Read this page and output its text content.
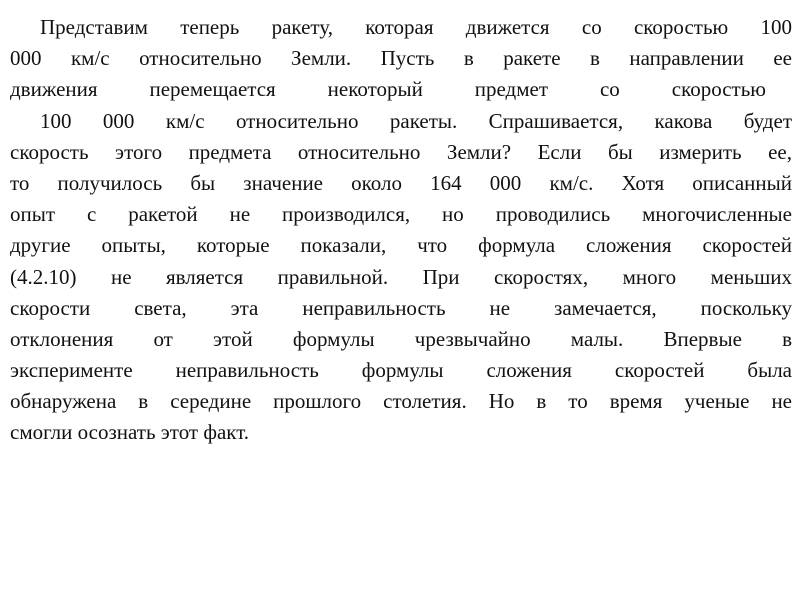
Представим теперь ракету, которая движется со скоростью 100
000 км/с относительно Земли. Пусть в ракете в направлении ее
движения перемещается некоторый предмет со скоростью
100 000 км/с относительно ракеты. Спрашивается, какова будет
скорость этого предмета относительно Земли? Если бы измерить ее,
то получилось бы значение около 164 000 км/с. Хотя описанный
опыт с ракетой не производился, но проводились многочисленные
другие опыты, которые показали, что формула сложения скоростей
(4.2.10) не является правильной. При скоростях, много меньших
скорости света, эта неправильность не замечается, поскольку
отклонения от этой формулы чрезвычайно малы. Впервые в
эксперименте неправильность формулы сложения скоростей была
обнаружена в середине прошлого столетия. Но в то время ученые не
смогли осознать этот факт.
